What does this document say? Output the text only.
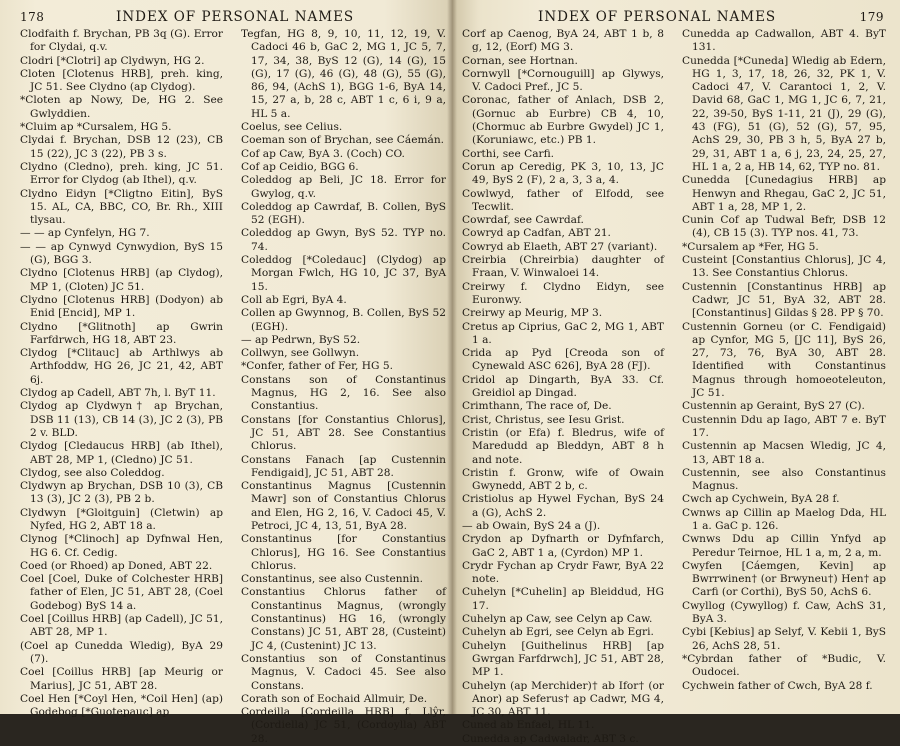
178	INDEX OF PERSONAL NAMES

Clodfaith f. Brychan, PB 3q (G). Error for Clydai, q.v.

Clodri [*Clotri] ap Clydwyn, HG 2.

Cloten [Clotenus HRB], preh. king, JC 51. See Clydno (ap Clydog).

*Cloten ap Nowy, De, HG 2. See Gwlyddien.

*Cluim ap *Cursalem, HG 5.

Clydai f. Brychan, DSB 12 (23), CB 15 (22), JC 3 (22), PB 3 s.

Clydno (Cledno), preh. king, JC 51. Error for Clydog (ab Ithel), q.v.

Clydno Eidyn [*Cligtno Eitin], ByS 15. AL, CA, BBC, CO, Br. Rh., XIII tlysau.

— — ap Cynfelyn, HG 7.

— — ap Cynwyd Cynwydion, ByS 15 (G), BGG 3.

Clydno [Clotenus HRB] (ap Clydog), MP 1, (Cloten) JC 51.

Clydno [Clotenus HRB] (Dodyon) ab Enid [Encid], MP 1.

Clydno [*Glitnoth] ap Gwrin Farfdrwch, HG 18, ABT 23.

Clydog [*Clitauc] ab Arthlwys ab Arthfoddw, HG 26, JC 21, 42, ABT 6j.

Clydog ap Cadell, ABT 7h, l. ByT 11.

Clydog ap Clydwyn† ap Brychan, DSB 11 (13), CB 14 (3), JC 2 (3), PB 2 v. BLD.

Clydog [Cledaucus HRB] (ab Ithel), ABT 28, MP 1, (Cledno) JC 51.

Clydog, see also Coleddog.

Clydwyn ap Brychan, DSB 10 (3), CB 13 (3), JC 2 (3), PB 2 b.

Clydwyn [*Gloitguin] (Cletwin) ap Nyfed, HG 2, ABT 18 a.

Clynog [*Clinoch] ap Dyfnwal Hen, HG 6. Cf. Cedig.

Coed (or Rhoed) ap Doned, ABT 22.

Coel [Coel, Duke of Colchester HRB] father of Elen, JC 51, ABT 28, (Coel Godebog) ByS 14 a.

Coel [Coillus HRB] (ap Cadell), JC 51, ABT 28, MP 1.

(Coel ap Cunedda Wledig), ByA 29 (7).

Coel [Coillus HRB] [ap Meurig or Marius], JC 51, ABT 28.

Coel Hen [*Coyl Hen, *Coil Hen] (ap) Godebog [*Guotepauc] ap

Tegfan, HG 8, 9, 10, 11, 12, 19, V. Cadoci 46 b, GaC 2, MG 1, JC 5, 7, 17, 34, 38, ByS 12 (G), 14 (G), 15 (G), 17 (G), 46 (G), 48 (G), 55 (G), 86, 94, (AchS 1), BGG 1-6, ByA 14, 15, 27 a, b, 28 c, ABT 1 c, 6 i, 9 a, HL 5 a.

Coelus, see Celius.

Coeman son of Brychan, see Cáemán.

Cof ap Caw, ByA 3. (Coch) CO.

Cof ap Ceidio, BGG 6.

Coleddog ap Beli, JC 18. Error for Gwylog, q.v.

Coleddog ap Cawrdaf, B. Collen, ByS 52 (EGH).

Coleddog ap Gwyn, ByS 52. TYP no. 74.

Coleddog [*Coledauc] (Clydog) ap Morgan Fwlch, HG 10, JC 37, ByA 15.

Coll ab Egri, ByA 4.

Collen ap Gwynnog, B. Collen, ByS 52 (EGH).

— ap Pedrwn, ByS 52.

Collwyn, see Gollwyn.

*Confer, father of Fer, HG 5.

Constans son of Constantinus Magnus, HG 2, 16. See also Constantius.

Constans [for Constantius Chlorus], JC 51, ABT 28. See Constantius Chlorus.

Constans Fanach [ap Custennin Fendigaid], JC 51, ABT 28.

Constantinus Magnus [Custennin Mawr] son of Constantius Chlorus and Elen, HG 2, 16, V. Cadoci 45, V. Petroci, JC 4, 13, 51, ByA 28.

Constantinus [for Constantius Chlorus], HG 16. See Constantius Chlorus.

Constantinus, see also Custennin.

Constantius Chlorus father of Constantinus Magnus, (wrongly Constantinus) HG 16, (wrongly Constans) JC 51, ABT 28, (Custeint) JC 4, (Custenint) JC 13.

Constantius son of Constantinus Magnus, V. Cadoci 45. See also Constans.

Corath son of Eochaid Allmuir, De.

Cordeilla [Cordeilla HRB] f. Llŷr, (Cordiella) JC 51, (Cordoylla) ABT 28.

INDEX OF PERSONAL NAMES	179

Corf ap Caenog, ByA 24, ABT 1 b, 8 g, 12, (Eorf) MG 3.

Cornan, see Hortnan.

Cornwyll [*Cornouguill] ap Glywys, V. Cadoci Pref., JC 5.

Coronac, father of Anlach, DSB 2, (Gornuc ab Eurbre) CB 4, 10, (Chormuc ab Eurbre Gwydel) JC 1, (Koruniawc, etc.) PB 1.

Corthi, see Carfi.

Corun ap Ceredig, PK 3, 10, 13, JC 49, ByS 2 (F), 2 a, 3, 3 a, 4.

Cowlwyd, father of Elfodd, see Tecwlit.

Cowrdaf, see Cawrdaf.

Cowryd ap Cadfan, ABT 21.

Cowryd ab Elaeth, ABT 27 (variant).

Creirbia (Chreirbia) daughter of Fraan, V. Winwaloei 14.

Creirwy f. Clydno Eidyn, see Euronwy.

Creirwy ap Meurig, MP 3.

Cretus ap Ciprius, GaC 2, MG 1, ABT 1 a.

Crida ap Pyd [Creoda son of Cynewald ASC 626], ByA 28 (FJ).

Cridol ap Dingarth, ByA 33. Cf. Greidiol ap Dingad.

Crimthann, The race of, De.

Crist, Christus, see Iesu Grist.

Cristin (or Efa) f. Bledrus, wife of Maredudd ap Bleddyn, ABT 8 h and note.

Cristin f. Gronw, wife of Owain Gwynedd, ABT 2 b, c.

Cristiolus ap Hywel Fychan, ByS 24 a (G), AchS 2.

— ab Owain, ByS 24 a (J).

Crydon ap Dyfnarth or Dyfnfarch, GaC 2, ABT 1 a, (Cyrdon) MP 1.

Crydr Fychan ap Crydr Fawr, ByA 22 note.

Cuhelyn [*Cuhelin] ap Bleiddud, HG 17.

Cuhelyn ap Caw, see Celyn ap Caw.

Cuhelyn ab Egri, see Celyn ab Egri.

Cuhelyn [Guithelinus HRB] [ap Gwrgan Farfdrwch], JC 51, ABT 28, MP 1.

Cuhelyn (ap Merchider)† ab Ifor† (or Anor) ap Seferus† ap Cadwr, MG 4, JC 30, ABT 11.

Cuned ab Enfael, HL 11.

Cunedda ap Cadwaladr, ABT 3 c.

Cunedda ap Cadwallon, ABT 4. ByT 131.

Cunedda [*Cuneda] Wledig ab Edern, HG 1, 3, 17, 18, 26, 32, PK 1, V. Cadoci 47, V. Carantoci 1, 2, V. David 68, GaC 1, MG 1, JC 6, 7, 21, 22, 39-50, ByS 1-11, 21 (J), 29 (G), 43 (FG), 51 (G), 52 (G), 57, 95, AchS 29, 30, PB 3 h, 5, ByA 27 b, 29, 31, ABT 1 a, 6 j, 23, 24, 25, 27, HL 1 a, 2 a, HB 14, 62, TYP no. 81.

Cunedda [Cunedagius HRB] ap Henwyn and Rhegau, GaC 2, JC 51, ABT 1 a, 28, MP 1, 2.

Cunin Cof ap Tudwal Befr, DSB 12 (4), CB 15 (3). TYP nos. 41, 73.

*Cursalem ap *Fer, HG 5.

Custeint [Constantius Chlorus], JC 4, 13. See Constantius Chlorus.

Custennin [Constantinus HRB] ap Cadwr, JC 51, ByA 32, ABT 28. [Constantinus] Gildas § 28. PP § 70.

Custennin Gorneu (or C. Fendigaid) ap Cynfor, MG 5, [JC 11], ByS 26, 27, 73, 76, ByA 30, ABT 28. Identified with Constantinus Magnus through homoeoteleuton, JC 51.

Custennin ap Geraint, ByS 27 (C).

Custennin Ddu ap Iago, ABT 7 e. ByT 17.

Custennin ap Macsen Wledig, JC 4, 13, ABT 18 a.

Custennin, see also Constantinus Magnus.

Cwch ap Cychwein, ByA 28 f.

Cwnws ap Cillin ap Maelog Dda, HL 1 a. GaC p. 126.

Cwnws Ddu ap Cillin Ynfyd ap Peredur Teirnoe, HL 1 a, m, 2 a, m.

Cwyfen [Cáemgen, Kevin] ap Bwrrwinen† (or Brwyneu†) Hen† ap Carfi (or Corthi), ByS 50, AchS 6.

Cwyllog (Cywyllog) f. Caw, AchS 31, ByA 3.

Cybi [Kebius] ap Selyf, V. Kebii 1, ByS 26, AchS 28, 51.

*Cybrdan father of *Budic, V. Oudocei.

Cychwein father of Cwch, ByA 28 f.
